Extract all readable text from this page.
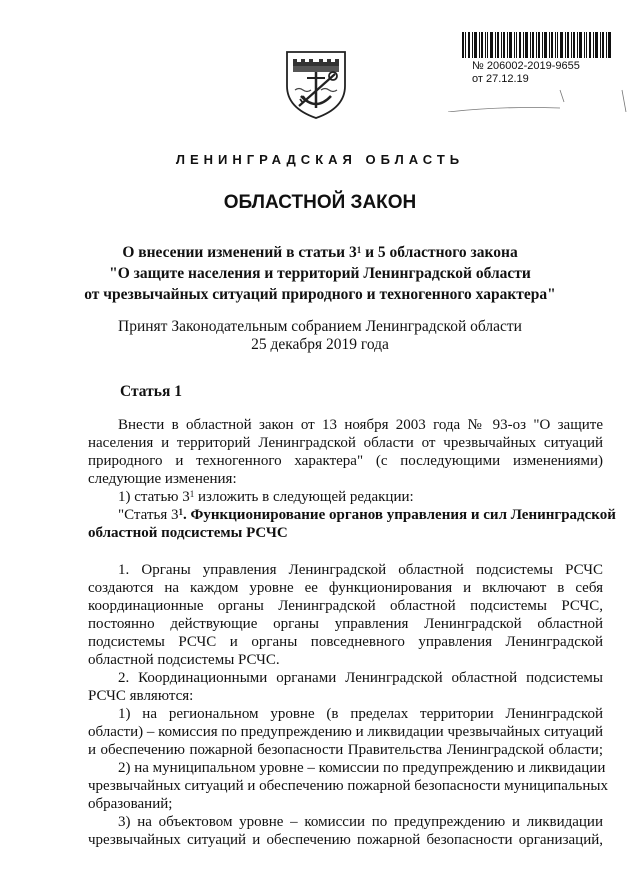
№ 206002-2019-9655
от 27.12.19
ЛЕНИНГРАДСКАЯ ОБЛАСТЬ
ОБЛАСТНОЙ ЗАКОН
О внесении изменений в статьи $3^1$ и 5 областного закона
"О защите населения и территорий Ленинградской области
от чрезвычайных ситуаций природного и техногенного характера"
Принят Законодательным собранием Ленинградской области
25 декабря 2019 года
Статья 1
Внести в областной закон от 13 ноября 2003 года № 93-оз "О защите
населения и территорий Ленинградской области от чрезвычайных ситуаций
природного и техногенного характера" (с последующими изменениями)
следующие изменения:
1) статью $3^1$ изложить в следующей редакции:
"Статья $3^1$. Функционирование органов управления и сил Ленинградской
областной подсистемы РСЧС
1. Органы управления Ленинградской областной подсистемы РСЧС
создаются на каждом уровне ее функционирования и включают в себя
координационные органы Ленинградской областной подсистемы РСЧС,
постоянно действующие органы управления Ленинградской областной
подсистемы РСЧС и органы повседневного управления Ленинградской
областной подсистемы РСЧС.
2. Координационными органами Ленинградской областной подсистемы
РСЧС являются:
1) на региональном уровне (в пределах территории Ленинградской
области) – комиссия по предупреждению и ликвидации чрезвычайных ситуаций
и обеспечению пожарной безопасности Правительства Ленинградской области;
2) на муниципальном уровне – комиссии по предупреждению и ликвидации
чрезвычайных ситуаций и обеспечению пожарной безопасности муниципальных
образований;
3) на объектовом уровне – комиссии по предупреждению и ликвидации
чрезвычайных ситуаций и обеспечению пожарной безопасности организаций,
